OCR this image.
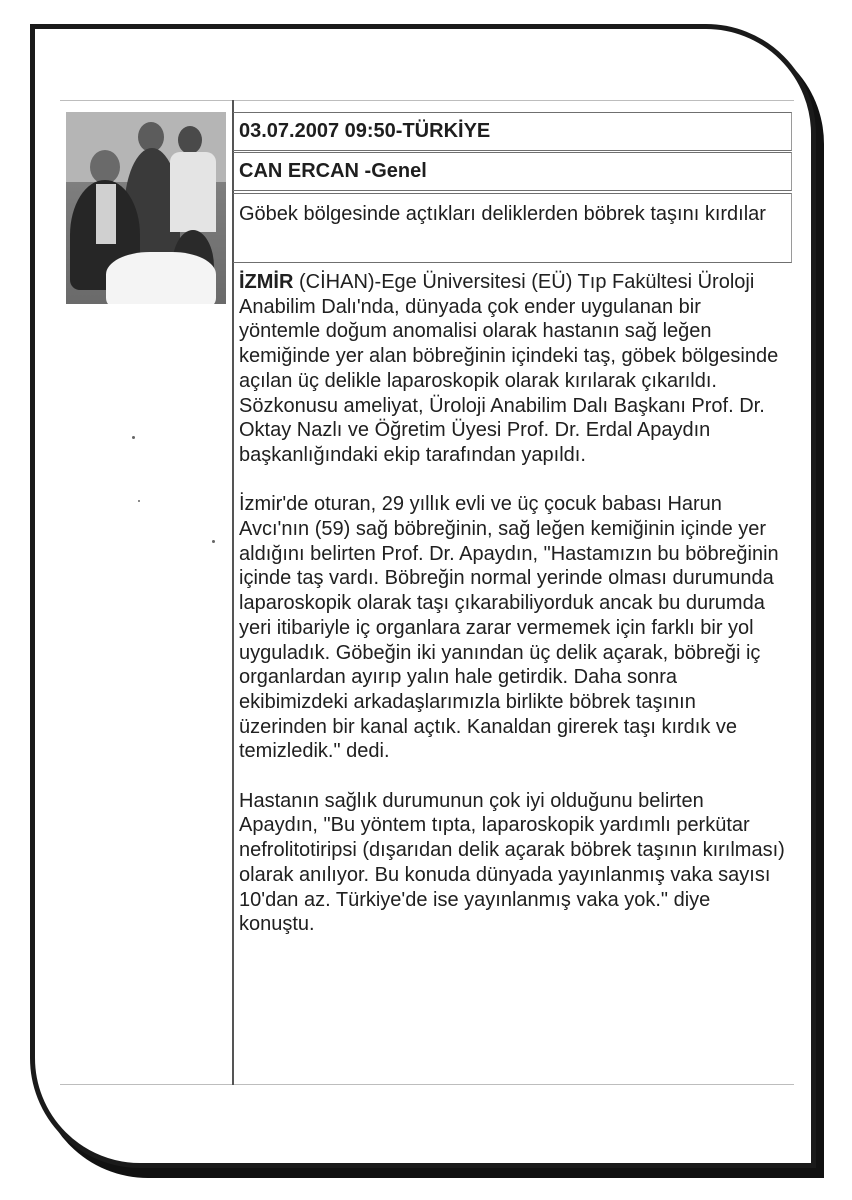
03.07.2007 09:50-TÜRKİYE
CAN ERCAN -Genel
Göbek bölgesinde açtıkları deliklerden böbrek taşını kırdılar

İZMİR (CİHAN)-Ege Üniversitesi (EÜ) Tıp Fakültesi Üroloji Anabilim Dalı'nda, dünyada çok ender uygulanan bir yöntemle doğum anomalisi olarak hastanın sağ leğen kemiğinde yer alan böbreğinin içindeki taş, göbek bölgesinde açılan üç delikle laparoskopik olarak kırılarak çıkarıldı. Sözkonusu ameliyat, Üroloji Anabilim Dalı Başkanı Prof. Dr. Oktay Nazlı ve Öğretim Üyesi Prof. Dr. Erdal Apaydın başkanlığındaki ekip tarafından yapıldı.

İzmir'de oturan, 29 yıllık evli ve üç çocuk babası Harun Avcı'nın (59) sağ böbreğinin, sağ leğen kemiğinin içinde yer aldığını belirten Prof. Dr. Apaydın, "Hastamızın bu böbreğinin içinde taş vardı. Böbreğin normal yerinde olması durumunda laparoskopik olarak taşı çıkarabiliyorduk ancak bu durumda yeri itibariyle iç organlara zarar vermemek için farklı bir yol uyguladık. Göbeğin iki yanından üç delik açarak, böbreği iç organlardan ayırıp yalın hale getirdik. Daha sonra ekibimizdeki arkadaşlarımızla birlikte böbrek taşının üzerinden bir kanal açtık. Kanaldan girerek taşı kırdık ve temizledik." dedi.

Hastanın sağlık durumunun çok iyi olduğunu belirten Apaydın, "Bu yöntem tıpta, laparoskopik yardımlı perkütar nefrolitotiripsi (dışarıdan delik açarak böbrek taşının kırılması) olarak anılıyor. Bu konuda dünyada yayınlanmış vaka sayısı 10'dan az. Türkiye'de ise yayınlanmış vaka yok." diye konuştu.
